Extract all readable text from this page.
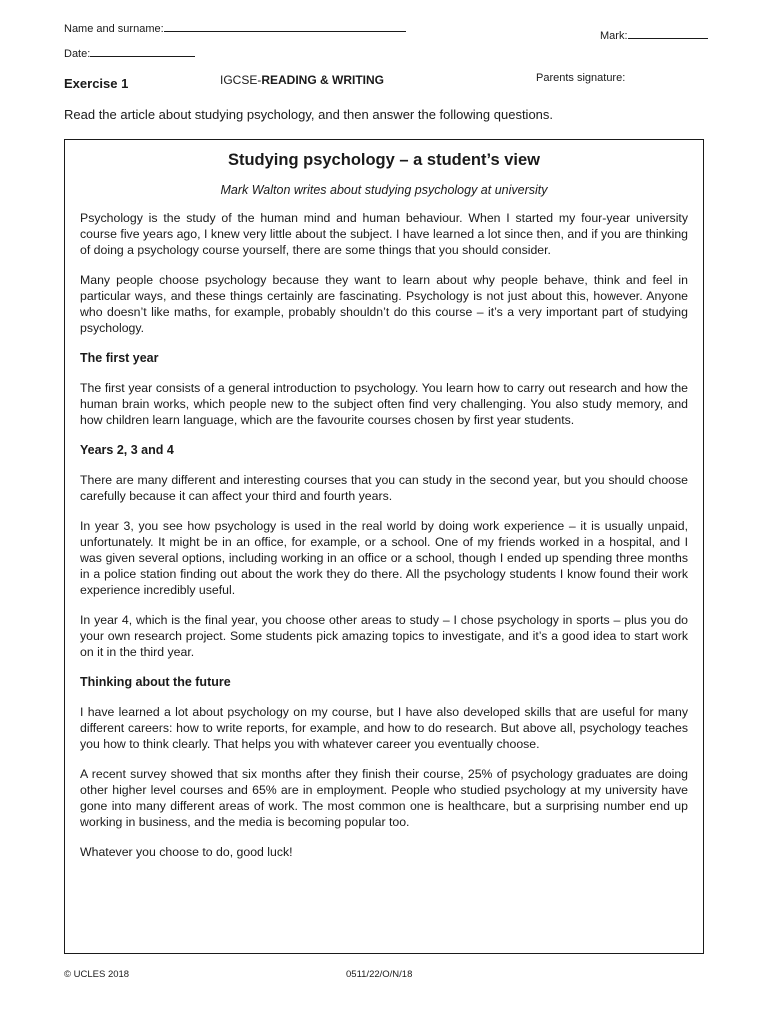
Name and surname:
Mark:
Date:
Exercise 1	IGCSE-READING & WRITING	Parents signature:
Read the article about studying psychology, and then answer the following questions.
Studying psychology – a student’s view
Mark Walton writes about studying psychology at university

Psychology is the study of the human mind and human behaviour. When I started my four-year university course five years ago, I knew very little about the subject. I have learned a lot since then, and if you are thinking of doing a psychology course yourself, there are some things that you should consider.

Many people choose psychology because they want to learn about why people behave, think and feel in particular ways, and these things certainly are fascinating. Psychology is not just about this, however. Anyone who doesn’t like maths, for example, probably shouldn’t do this course – it’s a very important part of studying psychology.

The first year

The first year consists of a general introduction to psychology. You learn how to carry out research and how the human brain works, which people new to the subject often find very challenging. You also study memory, and how children learn language, which are the favourite courses chosen by first year students.

Years 2, 3 and 4

There are many different and interesting courses that you can study in the second year, but you should choose carefully because it can affect your third and fourth years.

In year 3, you see how psychology is used in the real world by doing work experience – it is usually unpaid, unfortunately. It might be in an office, for example, or a school. One of my friends worked in a hospital, and I was given several options, including working in an office or a school, though I ended up spending three months in a police station finding out about the work they do there. All the psychology students I know found their work experience incredibly useful.

In year 4, which is the final year, you choose other areas to study – I chose psychology in sports – plus you do your own research project. Some students pick amazing topics to investigate, and it’s a good idea to start work on it in the third year.

Thinking about the future

I have learned a lot about psychology on my course, but I have also developed skills that are useful for many different careers: how to write reports, for example, and how to do research. But above all, psychology teaches you how to think clearly. That helps you with whatever career you eventually choose.

A recent survey showed that six months after they finish their course, 25% of psychology graduates are doing other higher level courses and 65% are in employment. People who studied psychology at my university have gone into many different areas of work. The most common one is healthcare, but a surprising number end up working in business, and the media is becoming popular too.

Whatever you choose to do, good luck!

© UCLES 2018	0511/22/O/N/18
